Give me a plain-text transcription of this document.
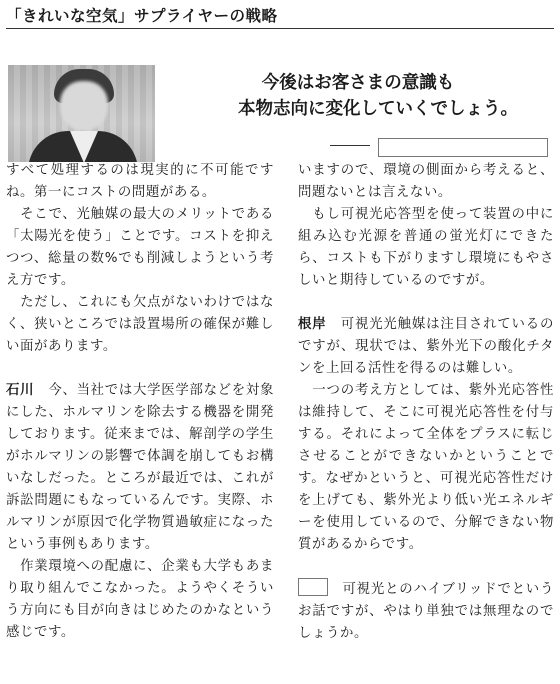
「きれいな空気」サプライヤーの戦略
今後はお客さまの意識も

本物志向に変化していくでしょう。

すべて処理するのは現実的に不可能ですね。第一にコストの問題がある。

　そこで、光触媒の最大のメリットである「太陽光を使う」ことです。コストを抑えつつ、総量の数%でも削減しようという考え方です。

　ただし、これにも欠点がないわけではなく、狭いところでは設置場所の確保が難しい面があります。

石川　今、当社では大学医学部などを対象にした、ホルマリンを除去する機器を開発しております。従来までは、解剖学の学生がホルマリンの影響で体調を崩してもお構いなしだった。ところが最近では、これが訴訟問題にもなっているんです。実際、ホルマリンが原因で化学物質過敏症になったという事例もあります。

　作業環境への配慮に、企業も大学もあまり取り組んでこなかった。ようやくそういう方向にも目が向きはじめたのかなという感じです。

いますので、環境の側面から考えると、問題ないとは言えない。

　もし可視光応答型を使って装置の中に組み込む光源を普通の蛍光灯にできたら、コストも下がりますし環境にもやさしいと期待しているのですが。

根岸　可視光光触媒は注目されているのですが、現状では、紫外光下の酸化チタンを上回る活性を得るのは難しい。

　一つの考え方としては、紫外光応答性は維持して、そこに可視光応答性を付与する。それによって全体をプラスに転じさせることができないかということです。なぜかというと、可視光応答性だけを上げても、紫外光より低い光エネルギーを使用しているので、分解できない物質があるからです。

　可視光とのハイブリッドでというお話ですが、やはり単独では無理なのでしょうか。
